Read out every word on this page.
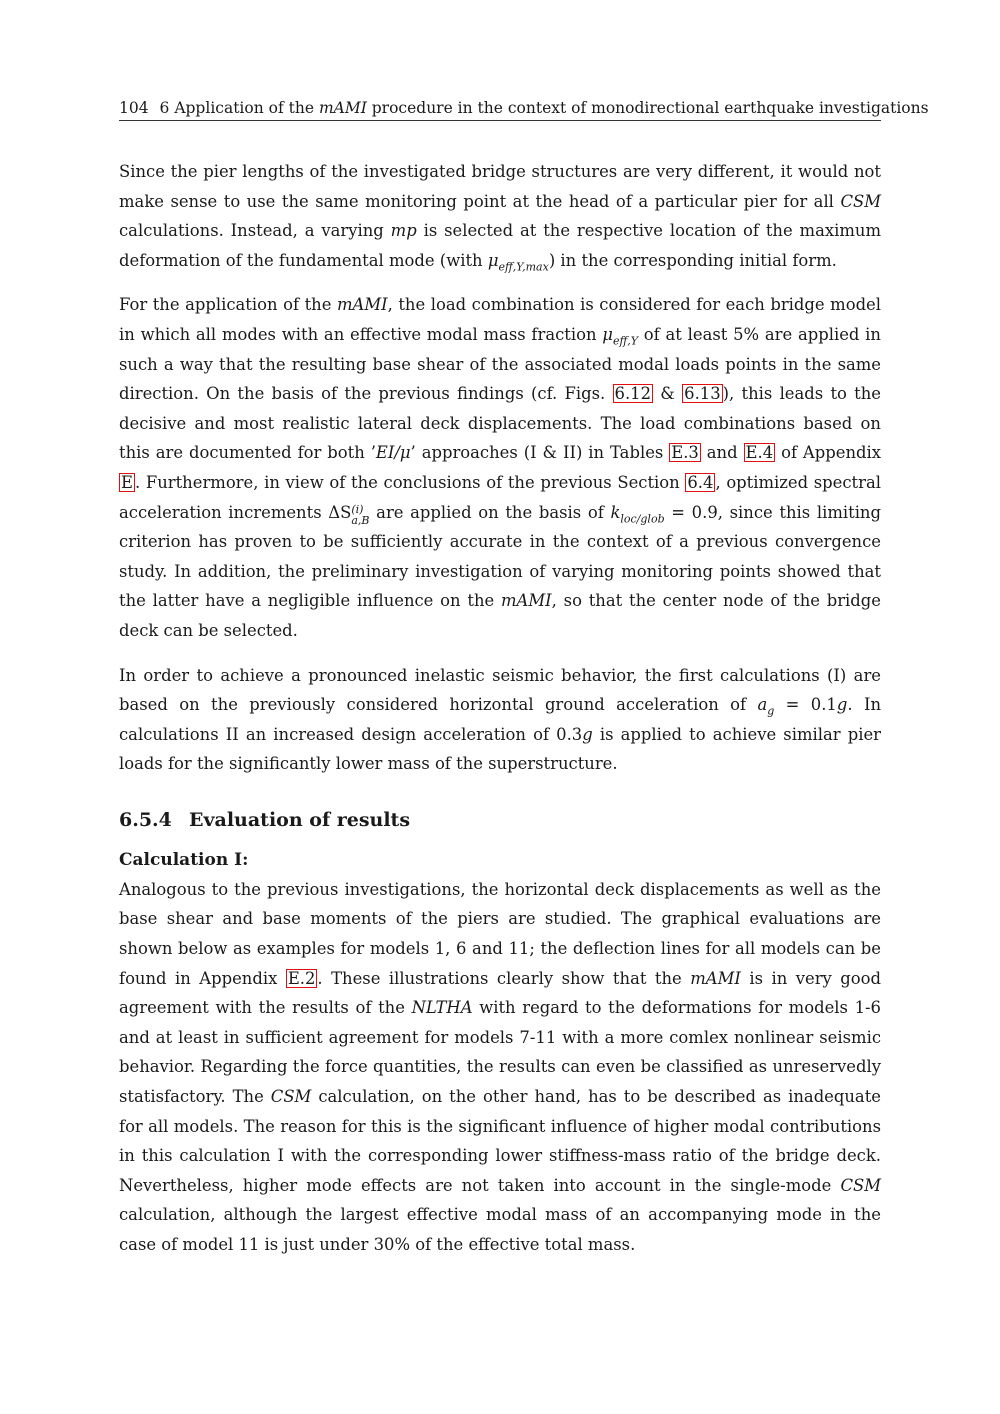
104 6 Application of the mAMI procedure in the context of monodirectional earthquake investigations

Since the pier lengths of the investigated bridge structures are very different, it would not make sense to use the same monitoring point at the head of a particular pier for all CSM calculations. Instead, a varying mp is selected at the respective location of the maximum deformation of the fundamental mode (with $\mu_{eff,Y,max}$) in the corresponding initial form.

For the application of the mAMI, the load combination is considered for each bridge model in which all modes with an effective modal mass fraction $\mu_{eff,Y}$ of at least 5% are applied in such a way that the resulting base shear of the associated modal loads points in the same direction. On the basis of the previous findings (cf. Figs. 6.12 & 6.13 ), this leads to the decisive and most realistic lateral deck displacements. The load combinations based on this are documented for both ’EI/μ’ approaches (I & II) in Tables E.3 and E.4 of Appendix E . Furthermore, in view of the conclusions of the previous Section 6.4 , optimized spectral acceleration increments ΔS (i)
a,B are applied on the basis of $k_{loc/glob} = 0.9$, since this limiting criterion has proven to be sufficiently accurate in the context of a previous convergence study. In addition, the preliminary investigation of varying monitoring points showed that the latter have a negligible influence on the mAMI, so that the center node of the bridge deck can be selected.

In order to achieve a pronounced inelastic seismic behavior, the first calculations (I) are based on the previously considered horizontal ground acceleration of $a_g = 0.1g$. In calculations II an increased design acceleration of 0.3g is applied to achieve similar pier loads for the significantly lower mass of the superstructure.

6.5.4 Evaluation of results
Calculation I:

Analogous to the previous investigations, the horizontal deck displacements as well as the base shear and base moments of the piers are studied. The graphical evaluations are shown below as examples for models 1, 6 and 11; the deflection lines for all models can be found in Appendix E.2 . These illustrations clearly show that the mAMI is in very good agreement with the results of the NLTHA with regard to the deformations for models 1-6 and at least in sufficient agreement for models 7-11 with a more comlex nonlinear seismic behavior. Regarding the force quantities, the results can even be classified as unreservedly statisfactory. The CSM calculation, on the other hand, has to be described as inadequate for all models. The reason for this is the significant influence of higher modal contributions in this calculation I with the corresponding lower stiffness-mass ratio of the bridge deck. Nevertheless, higher mode effects are not taken into account in the single-mode CSM calculation, although the largest effective modal mass of an accompanying mode in the case of model 11 is just under 30% of the effective total mass.
